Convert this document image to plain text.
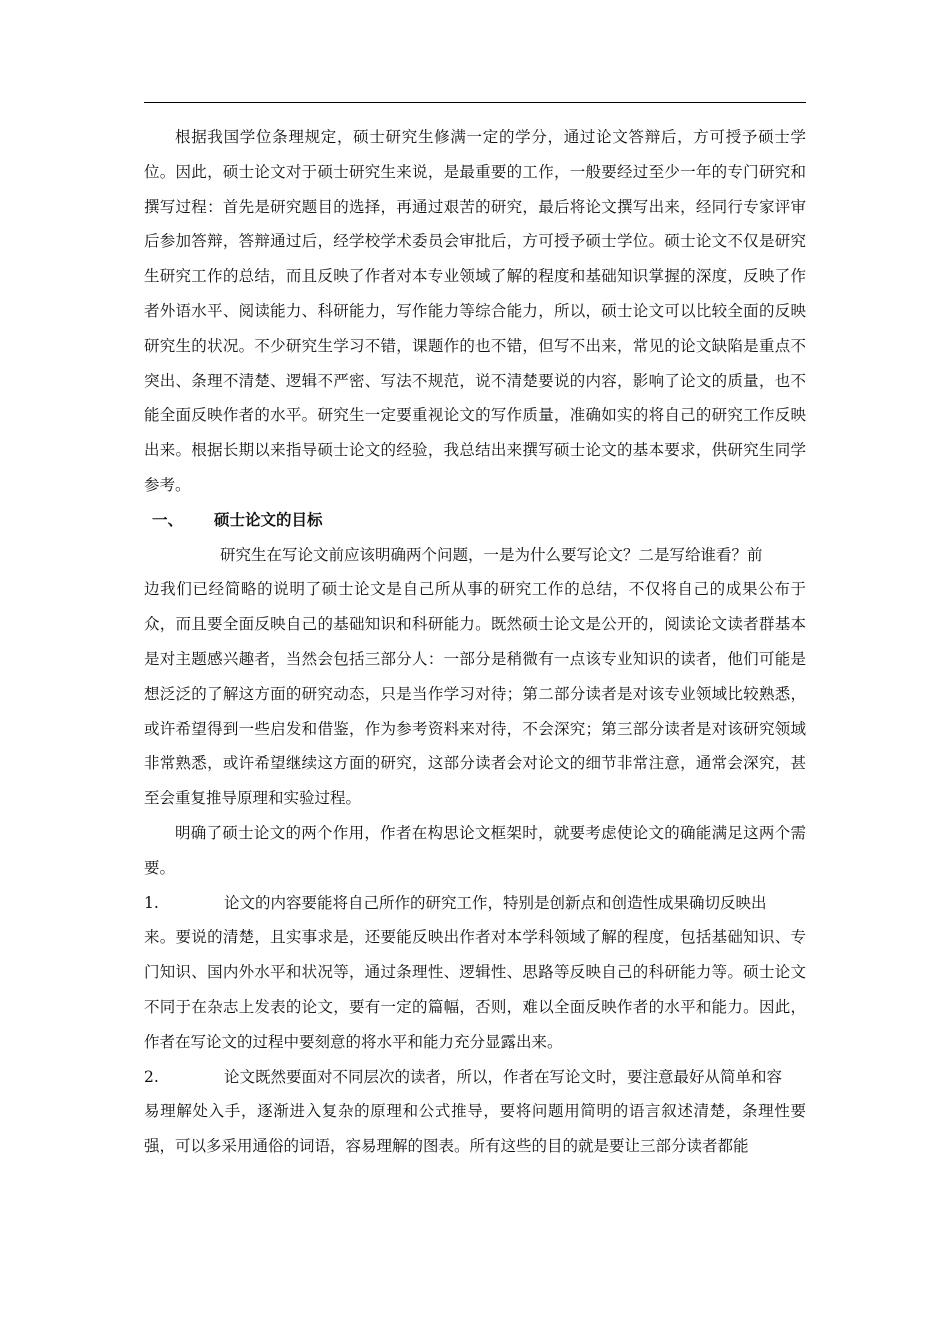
根据我国学位条理规定，硕士研究生修满一定的学分，通过论文答辩后，方可授予硕士学位。因此，硕士论文对于硕士研究生来说，是最重要的工作，一般要经过至少一年的专门研究和撰写过程：首先是研究题目的选择，再通过艰苦的研究，最后将论文撰写出来，经同行专家评审后参加答辩，答辩通过后，经学校学术委员会审批后，方可授予硕士学位。硕士论文不仅是研究生研究工作的总结，而且反映了作者对本专业领域了解的程度和基础知识掌握的深度，反映了作者外语水平、阅读能力、科研能力，写作能力等综合能力，所以，硕士论文可以比较全面的反映研究生的状况。不少研究生学习不错，课题作的也不错，但写不出来，常见的论文缺陷是重点不突出、条理不清楚、逻辑不严密、写法不规范，说不清楚要说的内容，影响了论文的质量，也不能全面反映作者的水平。研究生一定要重视论文的写作质量，准确如实的将自己的研究工作反映出来。根据长期以来指导硕士论文的经验，我总结出来撰写硕士论文的基本要求，供研究生同学参考。

一、	硕士论文的目标

研究生在写论文前应该明确两个问题，一是为什么要写论文？二是写给谁看？前
边我们已经简略的说明了硕士论文是自己所从事的研究工作的总结，不仅将自己的成果公布于众，而且要全面反映自己的基础知识和科研能力。既然硕士论文是公开的，阅读论文读者群基本是对主题感兴趣者，当然会包括三部分人：一部分是稍微有一点该专业知识的读者，他们可能是想泛泛的了解这方面的研究动态，只是当作学习对待；第二部分读者是对该专业领域比较熟悉，或许希望得到一些启发和借鉴，作为参考资料来对待，不会深究；第三部分读者是对该研究领域非常熟悉，或许希望继续这方面的研究，这部分读者会对论文的细节非常注意，通常会深究，甚至会重复推导原理和实验过程。

明确了硕士论文的两个作用，作者在构思论文框架时，就要考虑使论文的确能满足这两个需要。

1.	论文的内容要能将自己所作的研究工作，特别是创新点和创造性成果确切反映出
来。要说的清楚，且实事求是，还要能反映出作者对本学科领域了解的程度，包括基础知识、专门知识、国内外水平和状况等，通过条理性、逻辑性、思路等反映自己的科研能力等。硕士论文不同于在杂志上发表的论文，要有一定的篇幅，否则，难以全面反映作者的水平和能力。因此，作者在写论文的过程中要刻意的将水平和能力充分显露出来。

2.	论文既然要面对不同层次的读者，所以，作者在写论文时，要注意最好从简单和容
易理解处入手，逐渐进入复杂的原理和公式推导，要将问题用简明的语言叙述清楚，条理性要强，可以多采用通俗的词语，容易理解的图表。所有这些的目的就是要让三部分读者都能
